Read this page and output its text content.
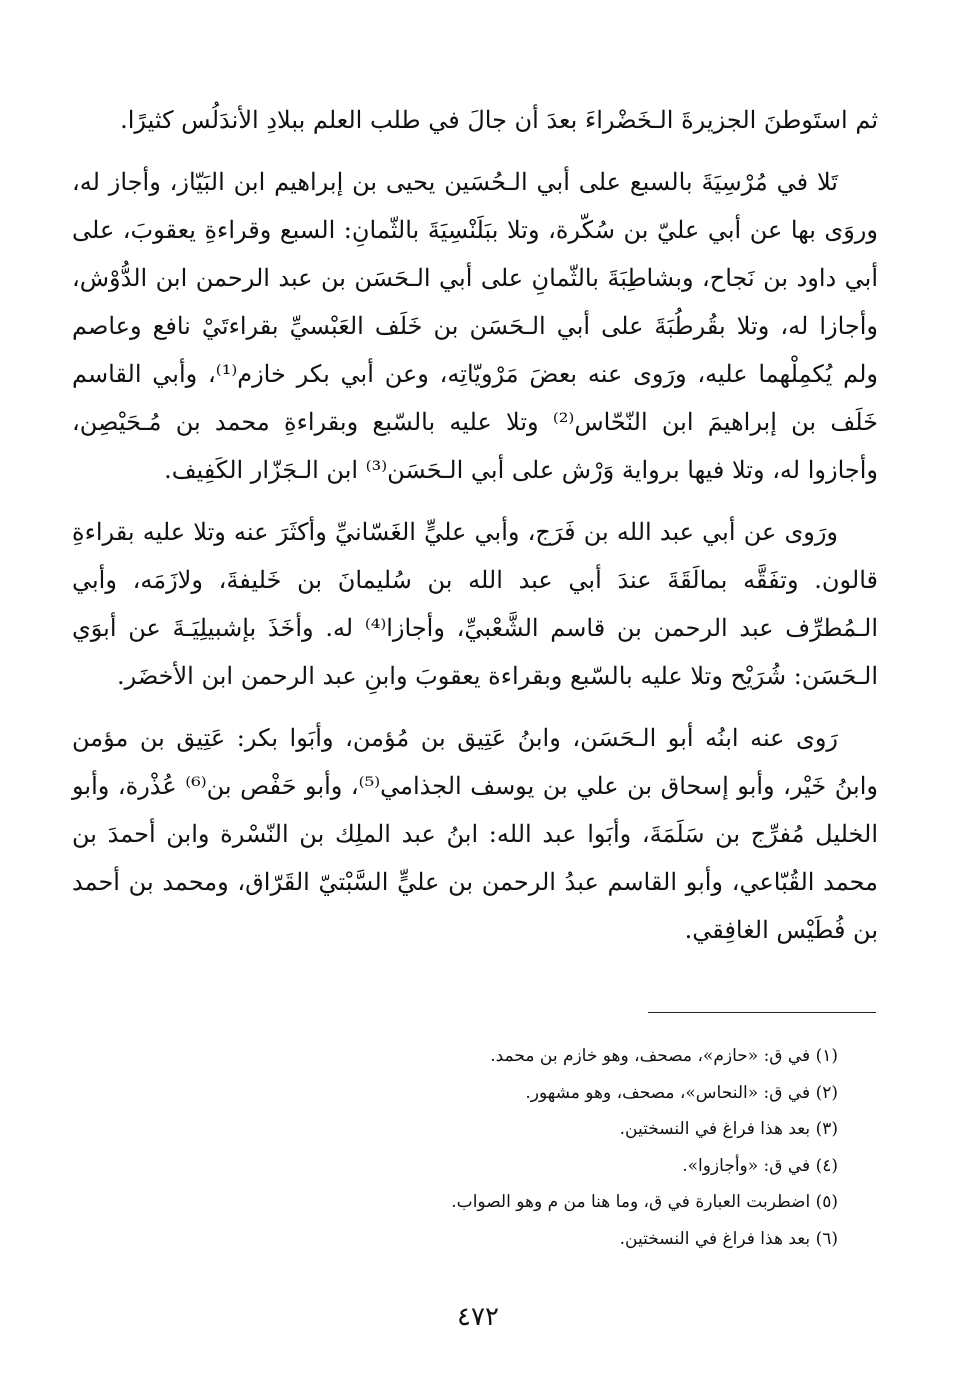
ثم استَوطنَ الجزيرةَ الـخَضْراءَ بعدَ أن جالَ في طلب العلم ببلادِ الأندَلُس كثيرًا.

تَلا في مُرْسِيَةَ بالسبع على أبي الـحُسَين يحيى بن إبراهيم ابن البَيّاز، وأجاز له، وروَى بها عن أبي عليّ بن سُكّرة، وتلا ببَلَنْسِيَةَ بالثّمانِ: السبع وقراءةِ يعقوبَ، على أبي داود بن نَجاح، وبشاطِبَةَ بالثّمانِ على أبي الـحَسَن بن عبد الرحمن ابن الدُّوْش، وأجازا له، وتلا بقُرطُبَةَ على أبي الـحَسَن بن خَلَف العَبْسيِّ بقراءتَيْ نافع وعاصم ولم يُكمِلْهما عليه، ورَوى عنه بعضَ مَرْويّاتِه، وعن أبي بكر خازم⁽¹⁾، وأبي القاسم خَلَف بن إبراهيمَ ابن النّحّاس⁽²⁾ وتلا عليه بالسّبع وبقراءةِ محمد بن مُـحَيْصِن، وأجازوا له، وتلا فيها برواية وَرْش على أبي الـحَسَن⁽³⁾ ابن الـجَزّار الكَفِيف.

ورَوى عن أبي عبد الله بن فَرَج، وأبي عليٍّ الغَسّانيِّ وأكثَرَ عنه وتلا عليه بقراءةِ قالون. وتفَقَّه بمالَقَةَ عندَ أبي عبد الله بن سُليمانَ بن خَليفةَ، ولازَمَه، وأبي الـمُطرِّف عبد الرحمن بن قاسم الشَّعْبيِّ، وأجازا⁽⁴⁾ له. وأخَذَ بإشبيلِيَـةَ عن أبوَي الـحَسَن: شُرَيْح وتلا عليه بالسّبع وبقراءة يعقوبَ وابنِ عبد الرحمن ابن الأخضَر.

رَوى عنه ابنُه أبو الـحَسَن، وابنُ عَتِيق بن مُؤمن، وأبَوا بكر: عَتِيق بن مؤمن وابنُ خَيْر، وأبو إسحاق بن علي بن يوسف الجذامي⁽⁵⁾، وأبو حَفْص بن⁽⁶⁾ عُذْرة، وأبو الخليل مُفرِّج بن سَلَمَةَ، وأبَوا عبد الله: ابنُ عبد الملِك بن النّسْرة وابن أحمدَ بن محمد القُبّاعي، وأبو القاسم عبدُ الرحمن بن عليٍّ السَّبْتيّ القَرّاق، ومحمد بن أحمد بن فُطَيْس الغافِقي.

(١) في ق: «حازم»، مصحف، وهو خازم بن محمد.

(٢) في ق: «النحاس»، مصحف، وهو مشهور.

(٣) بعد هذا فراغ في النسختين.

(٤) في ق: «وأجازوا».

(٥) اضطربت العبارة في ق، وما هنا من م وهو الصواب.

(٦) بعد هذا فراغ في النسختين.

٤٧٢
